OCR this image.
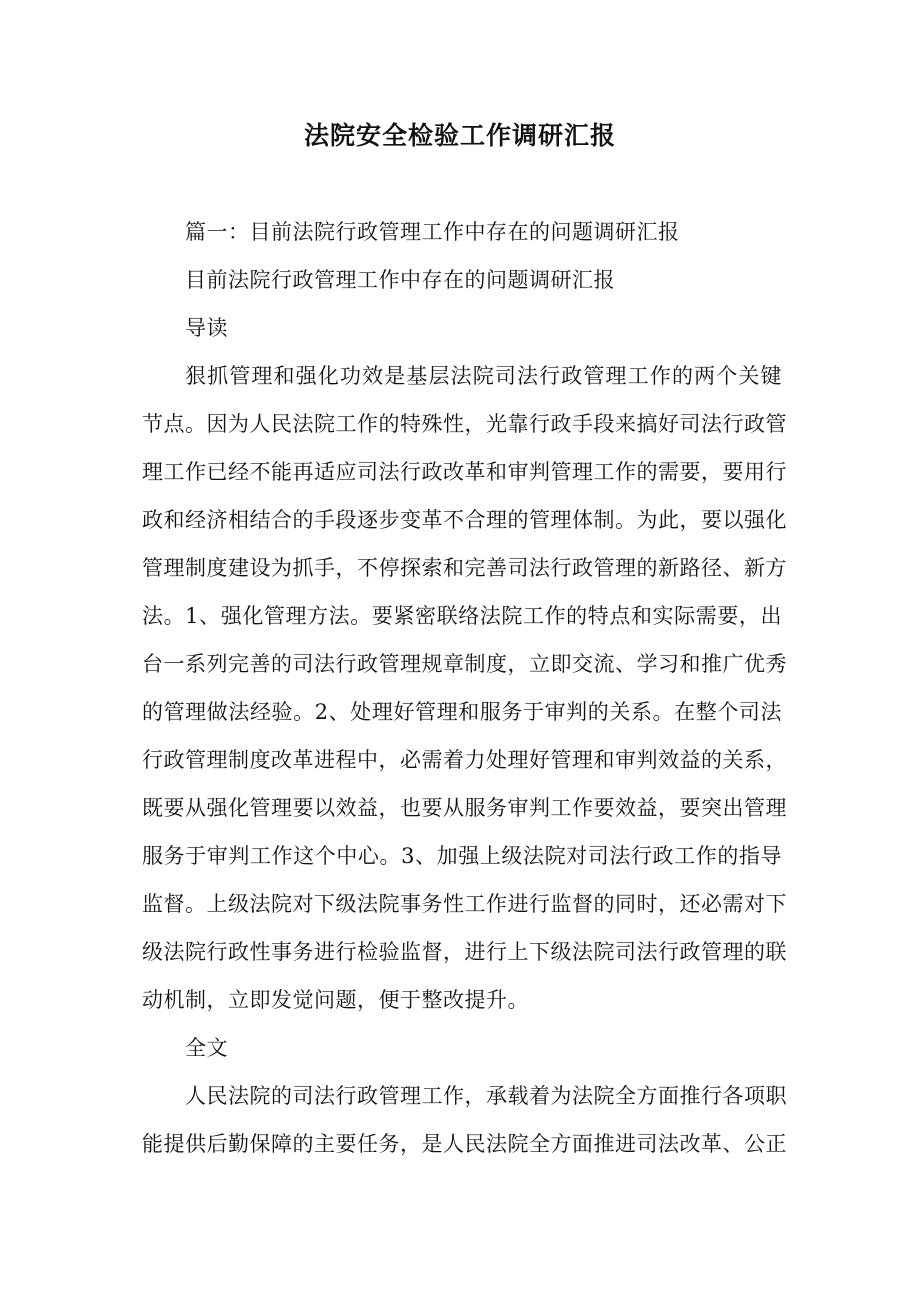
法院安全检验工作调研汇报
篇一：目前法院行政管理工作中存在的问题调研汇报
目前法院行政管理工作中存在的问题调研汇报
导读
狠抓管理和强化功效是基层法院司法行政管理工作的两个关键
节点。因为人民法院工作的特殊性，光靠行政手段来搞好司法行政管
理工作已经不能再适应司法行政改革和审判管理工作的需要，要用行
政和经济相结合的手段逐步变革不合理的管理体制。为此，要以强化
管理制度建设为抓手，不停探索和完善司法行政管理的新路径、新方
法。1、强化管理方法。要紧密联络法院工作的特点和实际需要，出
台一系列完善的司法行政管理规章制度，立即交流、学习和推广优秀
的管理做法经验。2、处理好管理和服务于审判的关系。在整个司法
行政管理制度改革进程中，必需着力处理好管理和审判效益的关系，
既要从强化管理要以效益，也要从服务审判工作要效益，要突出管理
服务于审判工作这个中心。3、加强上级法院对司法行政工作的指导
监督。上级法院对下级法院事务性工作进行监督的同时，还必需对下
级法院行政性事务进行检验监督，进行上下级法院司法行政管理的联
动机制，立即发觉问题，便于整改提升。
全文
人民法院的司法行政管理工作，承载着为法院全方面推行各项职
能提供后勤保障的主要任务，是人民法院全方面推进司法改革、公正
